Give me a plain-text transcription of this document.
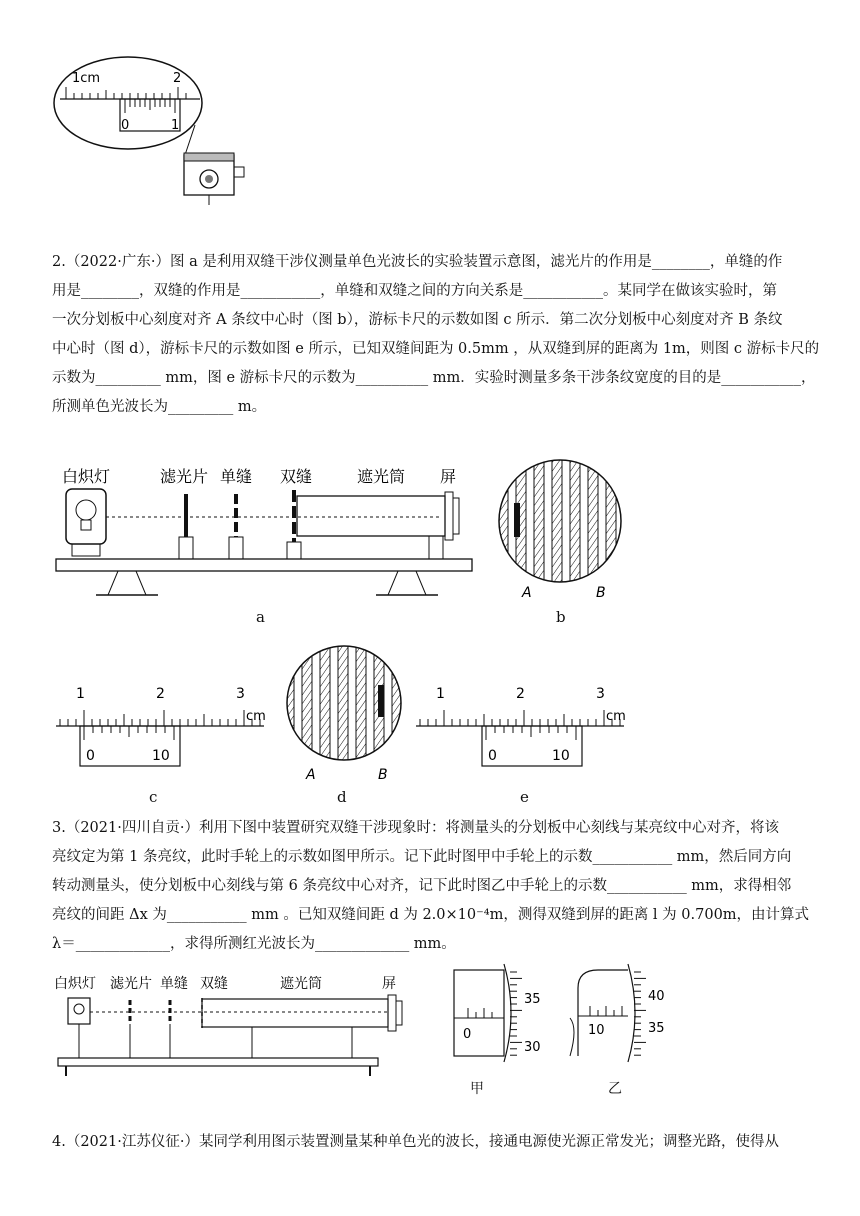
1cm	2
0	1

2.（2022·广东·）图 a 是利用双缝干涉仪测量单色光波长的实验装置示意图，滤光片的作用是________，单缝的作

用是________，双缝的作用是___________，单缝和双缝之间的方向关系是___________。某同学在做该实验时，第

一次分划板中心刻度对齐 A 条纹中心时（图 b），游标卡尺的示数如图 c 所示．第二次分划板中心刻度对齐 B 条纹

中心时（图 d），游标卡尺的示数如图 e 所示，已知双缝间距为 0.5mm ，从双缝到屏的距离为 1m，则图 c 游标卡尺的

示数为_________ mm，图 e 游标卡尺的示数为__________ mm．实验时测量多条干涉条纹宽度的目的是___________，

所测单色光波长为_________ m。

白炽灯	滤光片 单缝 双缝	遮光筒 屏
a
A	B
b
1	2	3
cm
0	10
c
A	B
d
1	2	3
cm
0	10
e

3.（2021·四川自贡·）利用下图中装置研究双缝干涉现象时：将测量头的分划板中心刻线与某亮纹中心对齐，将该

亮纹定为第 1 条亮纹，此时手轮上的示数如图甲所示。记下此时图甲中手轮上的示数___________ mm，然后同方向

转动测量头，使分划板中心刻线与第 6 条亮纹中心对齐，记下此时图乙中手轮上的示数___________ mm，求得相邻

亮纹的间距 Δx 为___________ mm 。已知双缝间距 d 为 2.0×10⁻⁴m，测得双缝到屏的距离 l 为 0.700m，由计算式

λ＝_____________，求得所测红光波长为_____________ mm。

白炽灯 滤光片 单缝 双缝	遮光筒	屏
35
30
0
甲
40
35
10
乙

4.（2021·江苏仪征·）某同学利用图示装置测量某种单色光的波长，接通电源使光源正常发光；调整光路，使得从
